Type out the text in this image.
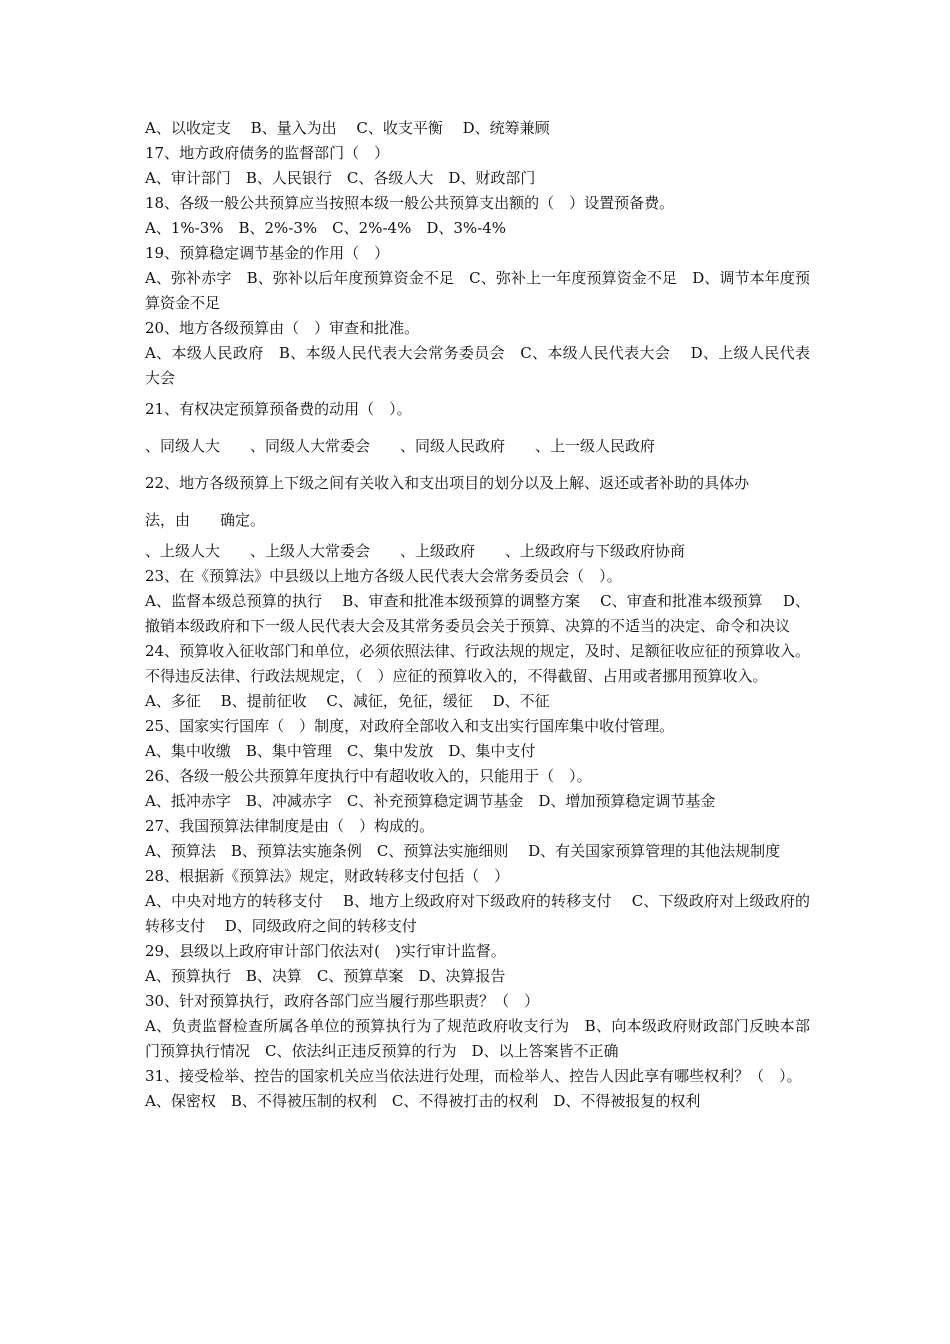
A、以收定支　 B、量入为出　 C、收支平衡　 D、统筹兼顾
17、地方政府债务的监督部门（　）
A、审计部门　B、人民银行　C、各级人大　D、财政部门
18、各级一般公共预算应当按照本级一般公共预算支出额的（　）设置预备费。
A、1%-3%　B、2%-3%　C、2%-4%　D、3%-4%
19、预算稳定调节基金的作用（　）
A、弥补赤字　B、弥补以后年度预算资金不足　C、弥补上一年度预算资金不足　D、调节本年度预算资金不足
20、地方各级预算由（　）审查和批准。
A、本级人民政府　B、本级人民代表大会常务委员会　C、本级人民代表大会　 D、上级人民代表大会
21、有权决定预算预备费的动用（　）。
、同级人大　　、同级人大常委会　　、同级人民政府　　、上一级人民政府
22、地方各级预算上下级之间有关收入和支出项目的划分以及上解、返还或者补助的具体办
法，由　　确定。
、上级人大　　、上级人大常委会　　、上级政府　　、上级政府与下级政府协商
23、在《预算法》中县级以上地方各级人民代表大会常务委员会（　）。
A、监督本级总预算的执行　 B、审查和批准本级预算的调整方案　 C、审查和批准本级预算　 D、撤销本级政府和下一级人民代表大会及其常务委员会关于预算、决算的不适当的决定、命令和决议
24、预算收入征收部门和单位，必须依照法律、行政法规的规定，及时、足额征收应征的预算收入。不得违反法律、行政法规规定，（　）应征的预算收入的，不得截留、占用或者挪用预算收入。
A、多征　 B、提前征收　 C、减征，免征，缓征　 D、不征
25、国家实行国库（　）制度，对政府全部收入和支出实行国库集中收付管理。
A、集中收缴　B、集中管理　C、集中发放　D、集中支付
26、各级一般公共预算年度执行中有超收收入的，只能用于（　）。
A、抵冲赤字　B、冲减赤字　C、补充预算稳定调节基金　D、增加预算稳定调节基金
27、我国预算法律制度是由（　）构成的。
A、预算法　B、预算法实施条例　C、预算法实施细则　 D、有关国家预算管理的其他法规制度
28、根据新《预算法》规定，财政转移支付包括（　）
A、中央对地方的转移支付　 B、地方上级政府对下级政府的转移支付　 C、下级政府对上级政府的转移支付　 D、同级政府之间的转移支付
29、县级以上政府审计部门依法对(　)实行审计监督。
A、预算执行　B、决算　C、预算草案　D、决算报告
30、针对预算执行，政府各部门应当履行那些职责？（　）
A、负责监督检查所属各单位的预算执行为了规范政府收支行为　B、向本级政府财政部门反映本部门预算执行情况　C、依法纠正违反预算的行为　D、以上答案皆不正确
31、接受检举、控告的国家机关应当依法进行处理，而检举人、控告人因此享有哪些权利？（　）。
A、保密权　B、不得被压制的权利　C、不得被打击的权利　D、不得被报复的权利
